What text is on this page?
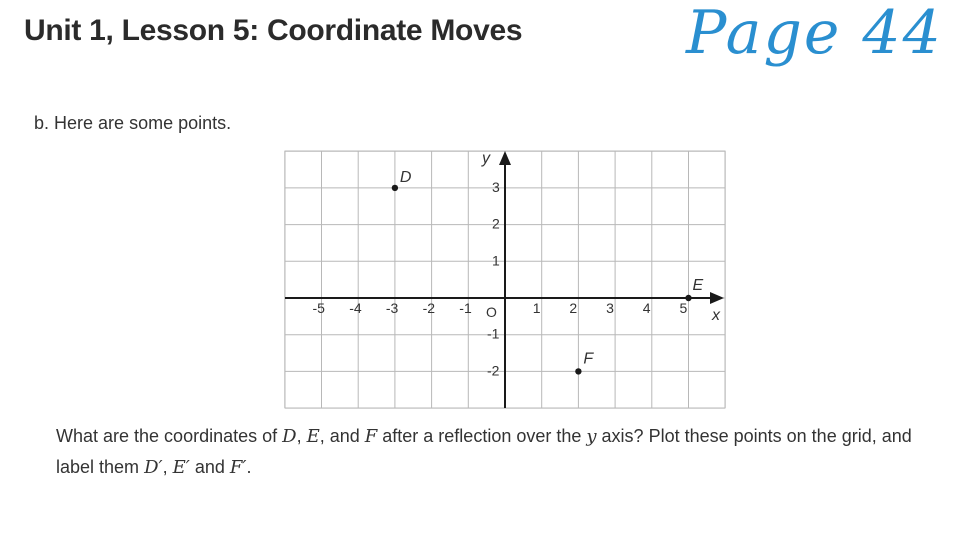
Unit 1, Lesson 5: Coordinate Moves	Page 44
b. Here are some points.
x
y
O
-5 -4 -3 -2 -1	1 2 3 4 5
3
2
1
-1
-2
D
E
F
What are the coordinates of D, E, and F after a reflection over the y axis? Plot these points on the grid, and label them D′, E′ and F′.
